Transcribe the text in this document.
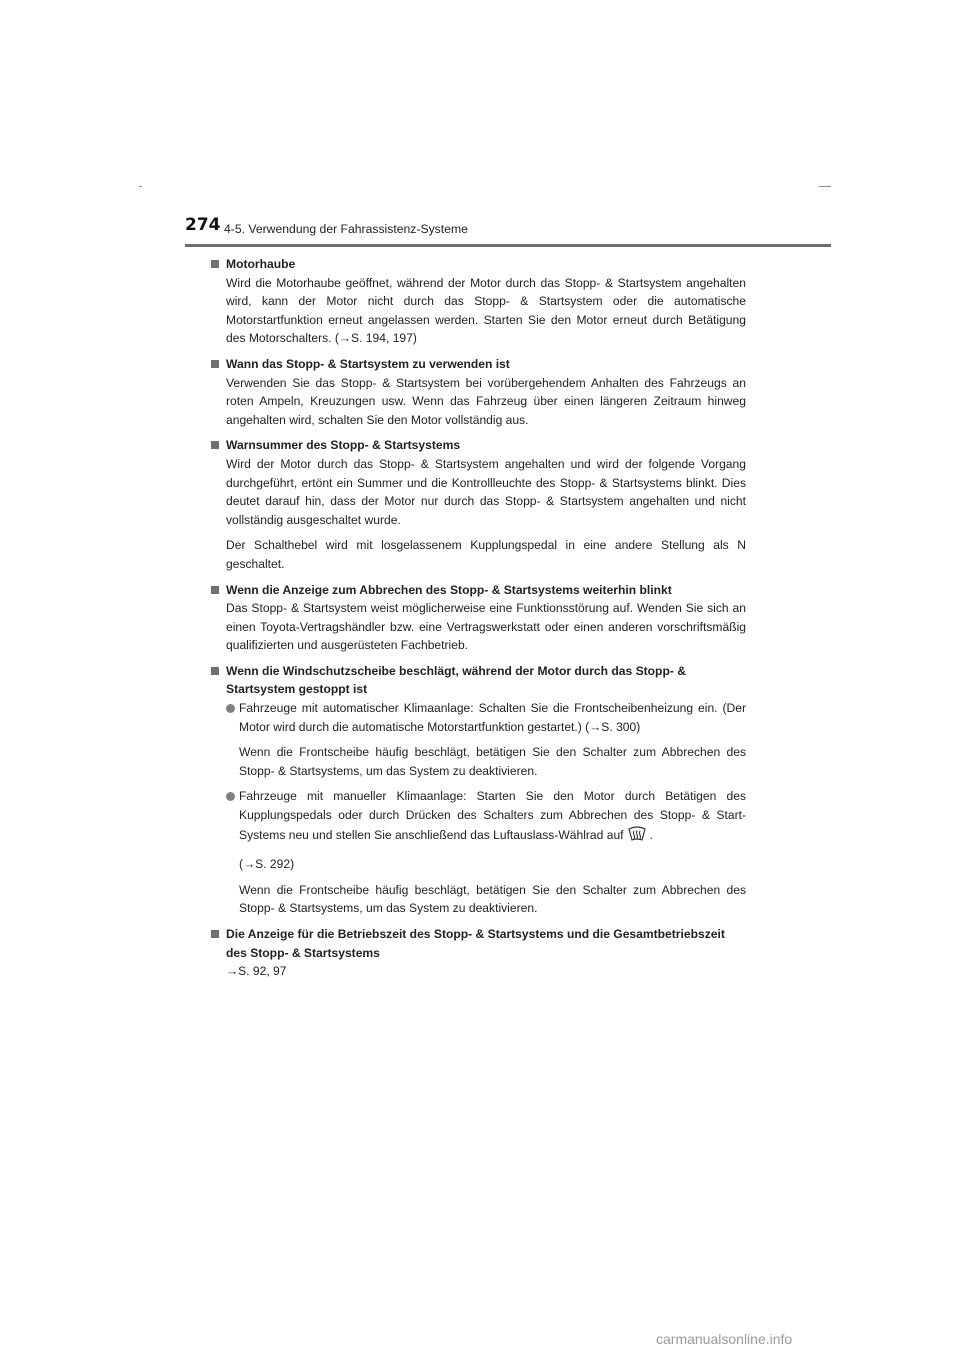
274 4-5. Verwendung der Fahrassistenz-Systeme
Motorhaube

Wird die Motorhaube geöffnet, während der Motor durch das Stopp- & Startsystem angehalten wird, kann der Motor nicht durch das Stopp- & Startsystem oder die automatische Motorstartfunktion erneut angelassen werden. Starten Sie den Motor erneut durch Betätigung des Motorschalters. (→S. 194, 197)

Wann das Stopp- & Startsystem zu verwenden ist

Verwenden Sie das Stopp- & Startsystem bei vorübergehendem Anhalten des Fahrzeugs an roten Ampeln, Kreuzungen usw. Wenn das Fahrzeug über einen längeren Zeitraum hinweg angehalten wird, schalten Sie den Motor vollständig aus.

Warnsummer des Stopp- & Startsystems

Wird der Motor durch das Stopp- & Startsystem angehalten und wird der folgende Vorgang durchgeführt, ertönt ein Summer und die Kontrollleuchte des Stopp- & Startsystems blinkt. Dies deutet darauf hin, dass der Motor nur durch das Stopp- & Startsystem angehalten und nicht vollständig ausgeschaltet wurde.

Der Schalthebel wird mit losgelassenem Kupplungspedal in eine andere Stellung als N geschaltet.

Wenn die Anzeige zum Abbrechen des Stopp- & Startsystems weiterhin blinkt

Das Stopp- & Startsystem weist möglicherweise eine Funktionsstörung auf. Wenden Sie sich an einen Toyota-Vertragshändler bzw. eine Vertragswerkstatt oder einen anderen vorschriftsmäßig qualifizierten und ausgerüsteten Fachbetrieb.

Wenn die Windschutzscheibe beschlägt, während der Motor durch das Stopp- & Startsystem gestoppt ist

Fahrzeuge mit automatischer Klimaanlage: Schalten Sie die Frontscheibenheizung ein. (Der Motor wird durch die automatische Motorstartfunktion gestartet.) (→S. 300)

Wenn die Frontscheibe häufig beschlägt, betätigen Sie den Schalter zum Abbrechen des Stopp- & Startsystems, um das System zu deaktivieren.

Fahrzeuge mit manueller Klimaanlage: Starten Sie den Motor durch Betätigen des Kupplungspedals oder durch Drücken des Schalters zum Abbrechen des Stopp- & Start-Systems neu und stellen Sie anschließend das Luftauslass-Wählrad auf .

(→S. 292)

Wenn die Frontscheibe häufig beschlägt, betätigen Sie den Schalter zum Abbrechen des Stopp- & Startsystems, um das System zu deaktivieren.

Die Anzeige für die Betriebszeit des Stopp- & Startsystems und die Gesamtbetriebszeit des Stopp- & Startsystems

→S. 92, 97

carmanualsonline.info
